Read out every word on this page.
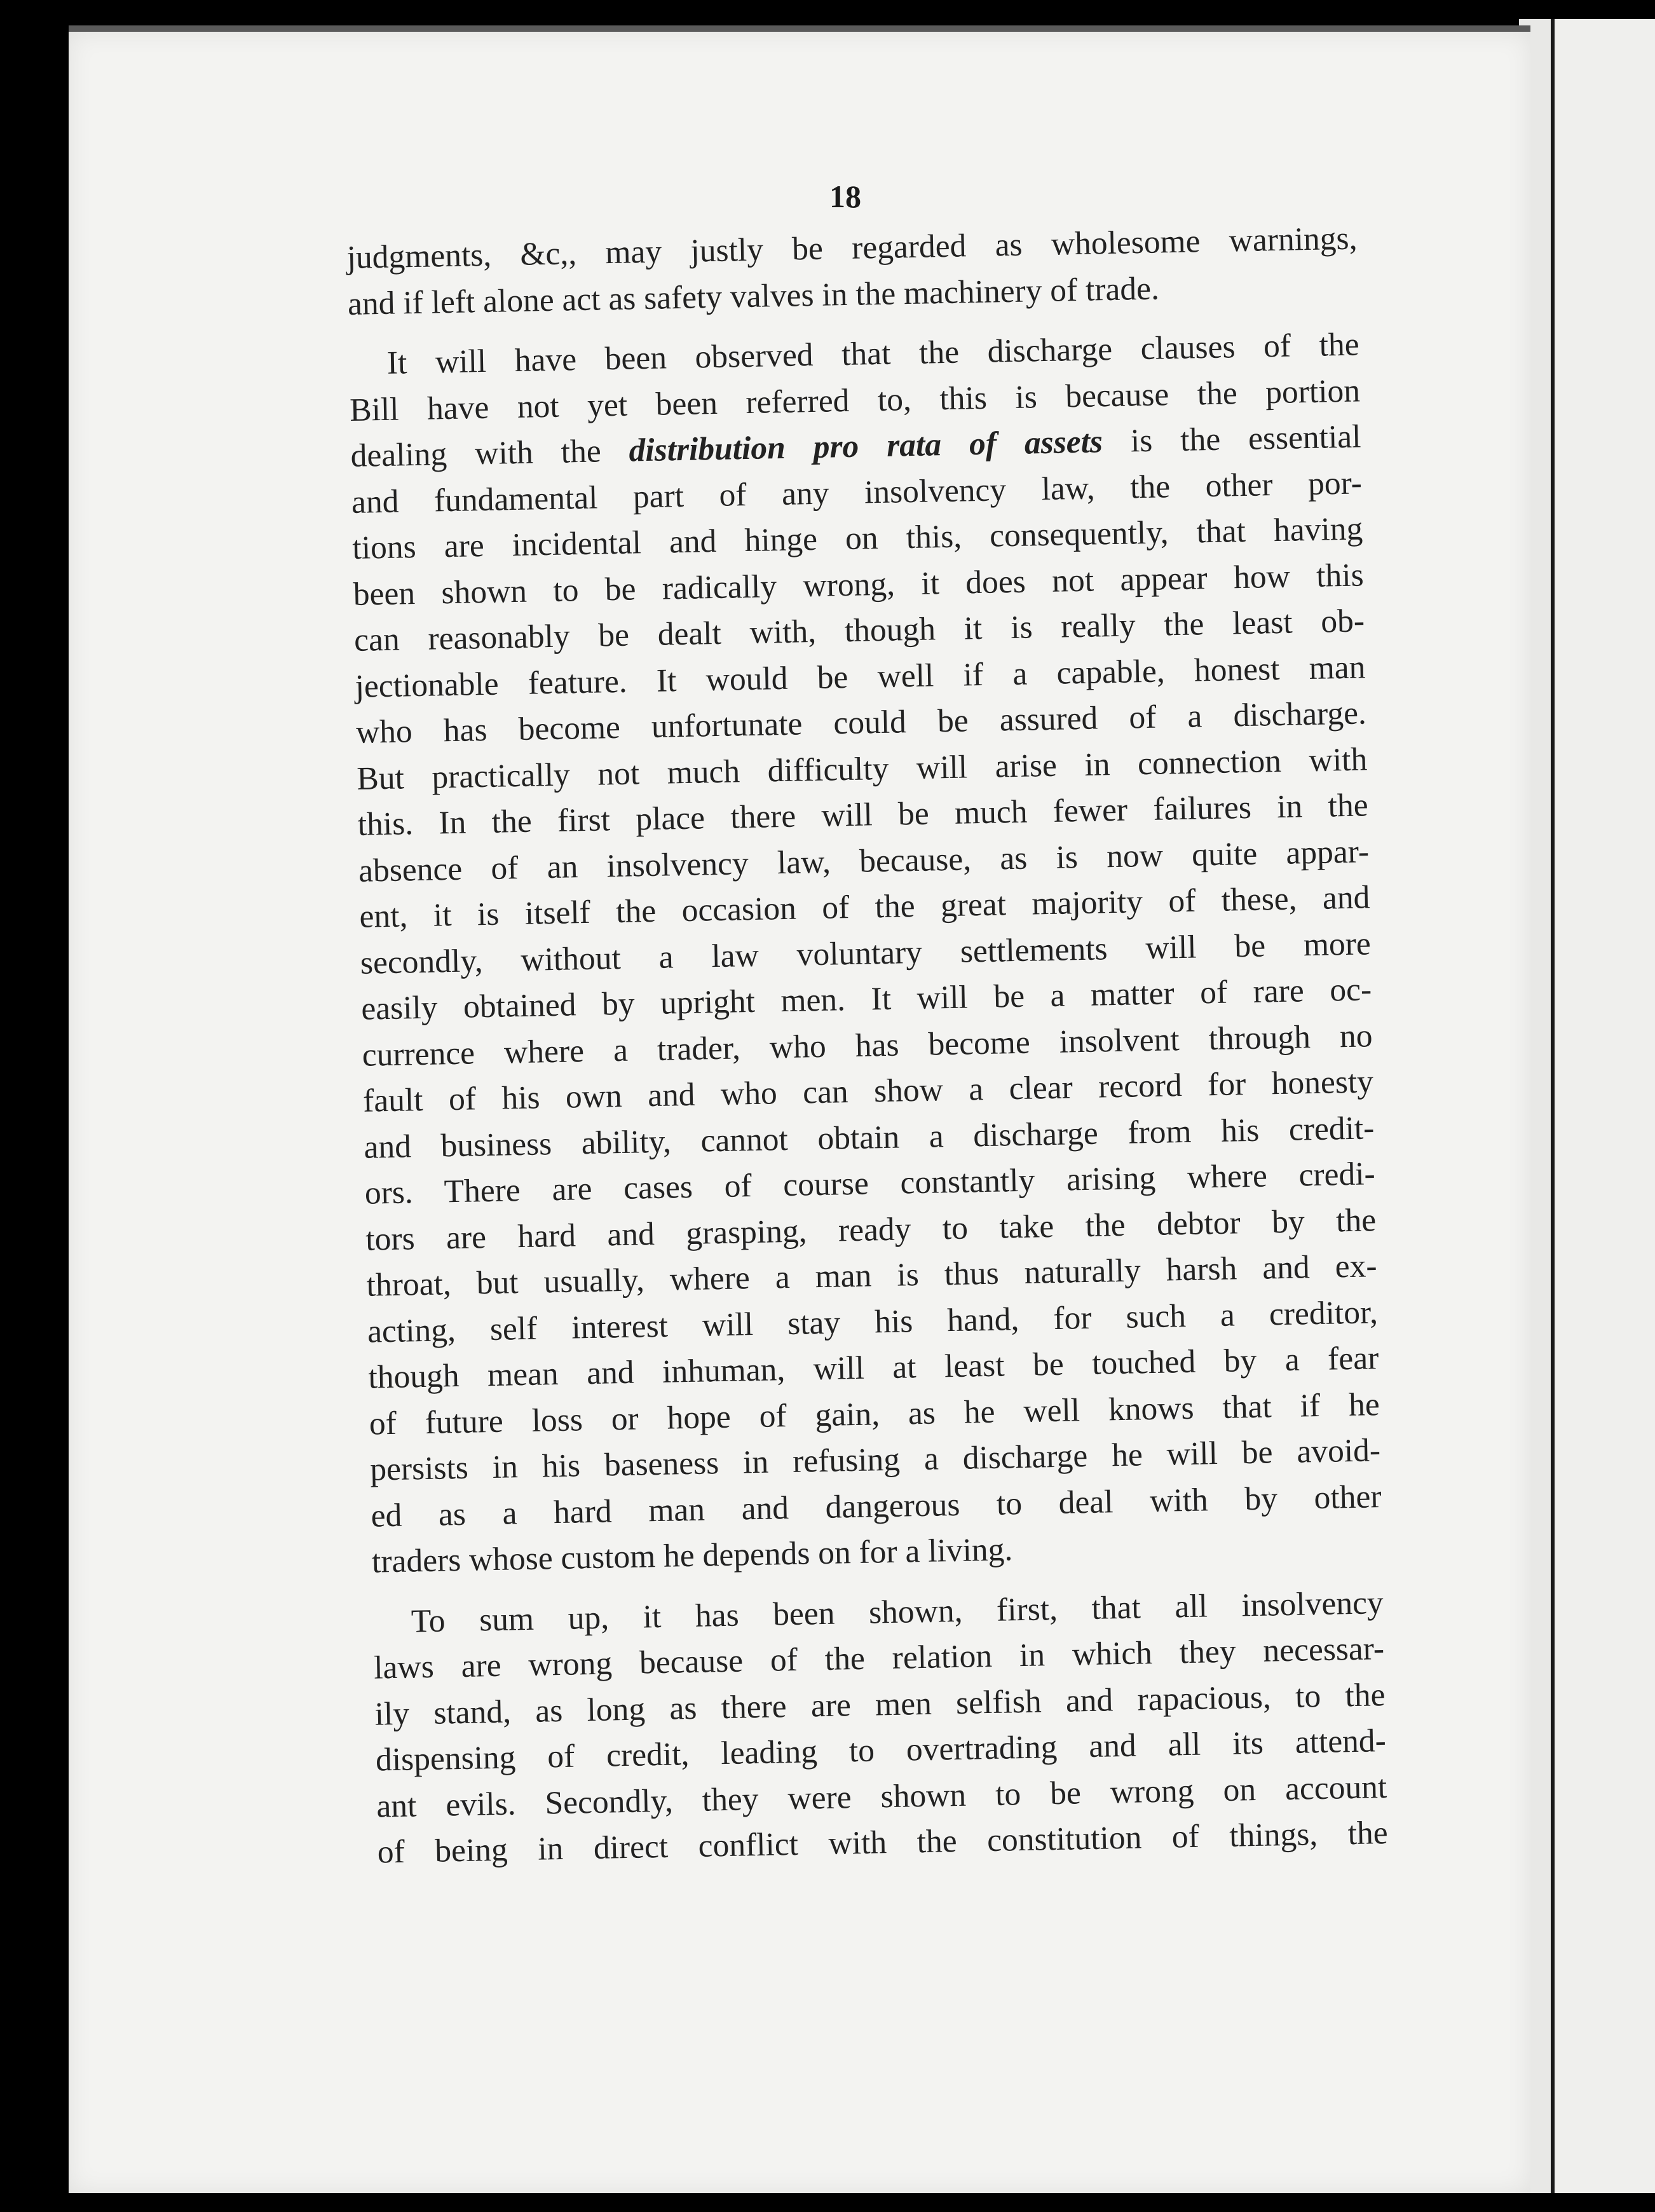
18

judgments, &c,, may justly be regarded as wholesome warnings,
and if left alone act as safety valves in the machinery of trade.

It will have been observed that the discharge clauses of the
Bill have not yet been referred to, this is because the portion
dealing with the distribution pro rata of assets is the essential
and fundamental part of any insolvency law, the other por-
tions are incidental and hinge on this, consequently, that having
been shown to be radically wrong, it does not appear how this
can reasonably be dealt with, though it is really the least ob-
jectionable feature. It would be well if a capable, honest man
who has become unfortunate could be assured of a discharge.
But practically not much difficulty will arise in connection with
this. In the first place there will be much fewer failures in the
absence of an insolvency law, because, as is now quite appar-
ent, it is itself the occasion of the great majority of these, and
secondly, without a law voluntary settlements will be more
easily obtained by upright men. It will be a matter of rare oc-
currence where a trader, who has become insolvent through no
fault of his own and who can show a clear record for honesty
and business ability, cannot obtain a discharge from his credit-
ors. There are cases of course constantly arising where credi-
tors are hard and grasping, ready to take the debtor by the
throat, but usually, where a man is thus naturally harsh and ex-
acting, self interest will stay his hand, for such a creditor,
though mean and inhuman, will at least be touched by a fear
of future loss or hope of gain, as he well knows that if he
persists in his baseness in refusing a discharge he will be avoid-
ed as a hard man and dangerous to deal with by other
traders whose custom he depends on for a living.

To sum up, it has been shown, first, that all insolvency
laws are wrong because of the relation in which they necessar-
ily stand, as long as there are men selfish and rapacious, to the
dispensing of credit, leading to overtrading and all its attend-
ant evils. Secondly, they were shown to be wrong on account
of being in direct conflict with the constitution of things, the
